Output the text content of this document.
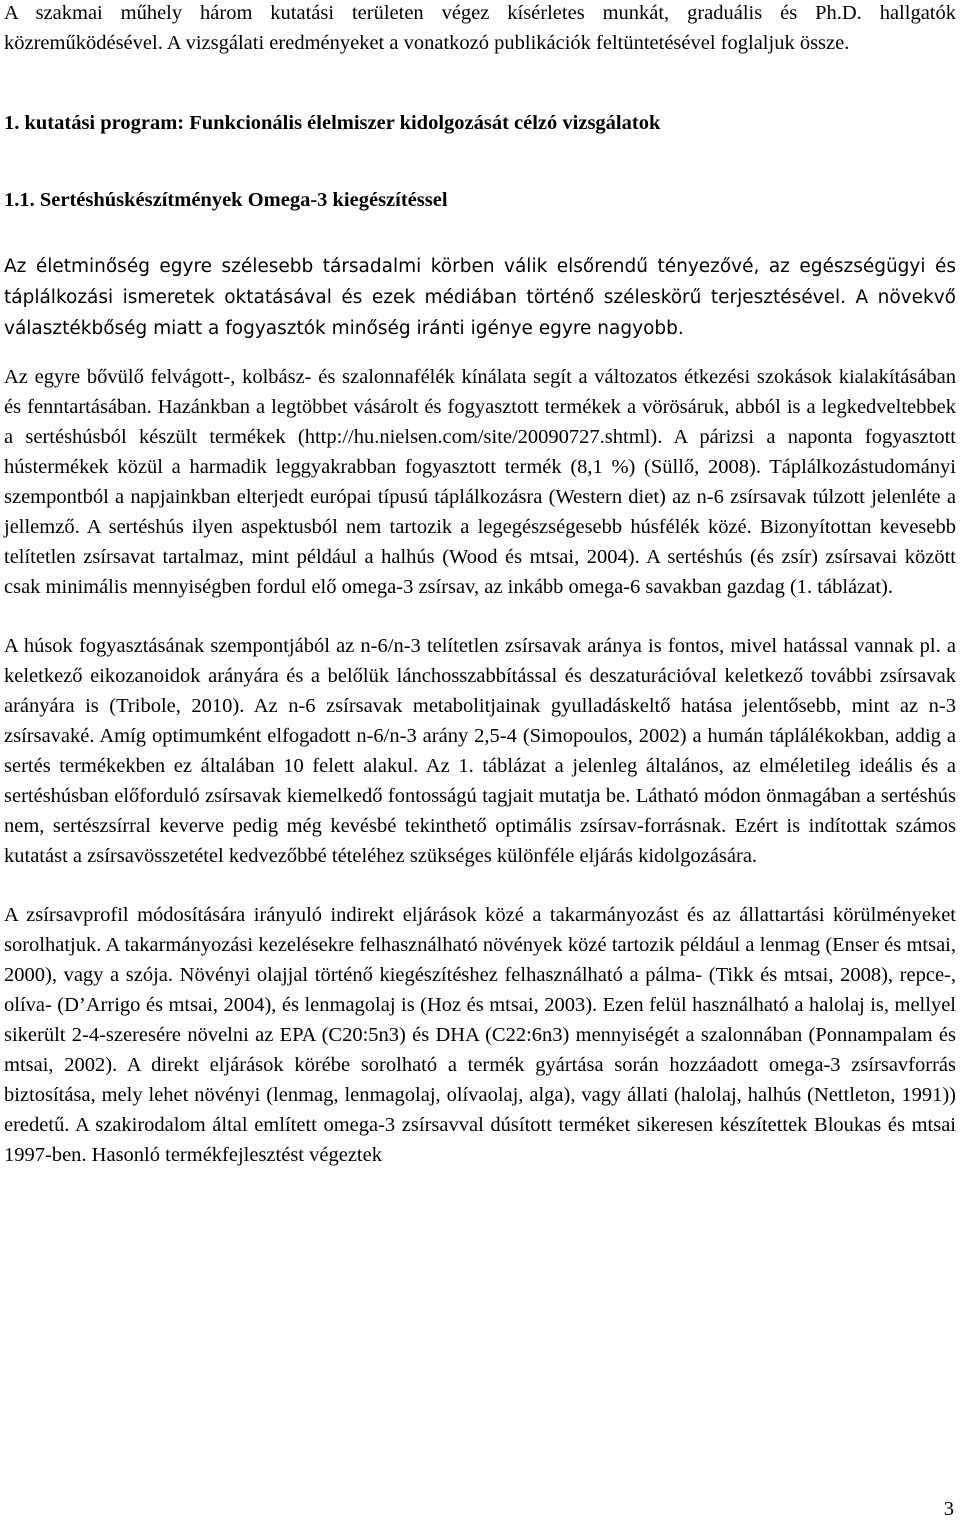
A szakmai műhely három kutatási területen végez kísérletes munkát, graduális és Ph.D. hallgatók közreműködésével. A vizsgálati eredményeket a vonatkozó publikációk feltüntetésével foglaljuk össze.

1. kutatási program: Funkcionális élelmiszer kidolgozását célzó vizsgálatok
1.1. Sertéshúskészítmények Omega-3 kiegészítéssel

Az életminőség egyre szélesebb társadalmi körben válik elsőrendű tényezővé, az egészségügyi és táplálkozási ismeretek oktatásával és ezek médiában történő széleskörű terjesztésével. A növekvő választékbőség miatt a fogyasztók minőség iránti igénye egyre nagyobb.

Az egyre bővülő felvágott-, kolbász- és szalonnafélék kínálata segít a változatos étkezési szokások kialakításában és fenntartásában. Hazánkban a legtöbbet vásárolt és fogyasztott termékek a vörösáruk, abból is a legkedveltebbek a sertéshúsból készült termékek (http://hu.nielsen.com/site/20090727.shtml). A párizsi a naponta fogyasztott hústermékek közül a harmadik leggyakrabban fogyasztott termék (8,1 %) (Süllő, 2008). Táplálkozástudományi szempontból a napjainkban elterjedt európai típusú táplálkozásra (Western diet) az n-6 zsírsavak túlzott jelenléte a jellemző. A sertéshús ilyen aspektusból nem tartozik a legegészségesebb húsfélék közé. Bizonyítottan kevesebb telítetlen zsírsavat tartalmaz, mint például a halhús (Wood és mtsai, 2004). A sertéshús (és zsír) zsírsavai között csak minimális mennyiségben fordul elő omega-3 zsírsav, az inkább omega-6 savakban gazdag (1. táblázat).

A húsok fogyasztásának szempontjából az n-6/n-3 telítetlen zsírsavak aránya is fontos, mivel hatással vannak pl. a keletkező eikozanoidok arányára és a belőlük lánchosszabbítással és deszaturációval keletkező további zsírsavak arányára is (Tribole, 2010). Az n-6 zsírsavak metabolitjainak gyulladáskeltő hatása jelentősebb, mint az n-3 zsírsavaké. Amíg optimumként elfogadott n-6/n-3 arány 2,5-4 (Simopoulos, 2002) a humán táplálékokban, addig a sertés termékekben ez általában 10 felett alakul. Az 1. táblázat a jelenleg általános, az elméletileg ideális és a sertéshúsban előforduló zsírsavak kiemelkedő fontosságú tagjait mutatja be. Látható módon önmagában a sertéshús nem, sertészsírral keverve pedig még kevésbé tekinthető optimális zsírsav-forrásnak. Ezért is indítottak számos kutatást a zsírsavösszetétel kedvezőbbé tételéhez szükséges különféle eljárás kidolgozására.

A zsírsavprofil módosítására irányuló indirekt eljárások közé a takarmányozást és az állattartási körülményeket sorolhatjuk. A takarmányozási kezelésekre felhasználható növények közé tartozik például a lenmag (Enser és mtsai, 2000), vagy a szója. Növényi olajjal történő kiegészítéshez felhasználható a pálma- (Tikk és mtsai, 2008), repce-, olíva- (D’Arrigo és mtsai, 2004), és lenmagolaj is (Hoz és mtsai, 2003). Ezen felül használható a halolaj is, mellyel sikerült 2-4-szeresére növelni az EPA (C20:5n3) és DHA (C22:6n3) mennyiségét a szalonnában (Ponnampalam és mtsai, 2002). A direkt eljárások körébe sorolható a termék gyártása során hozzáadott omega-3 zsírsavforrás biztosítása, mely lehet növényi (lenmag, lenmagolaj, olívaolaj, alga), vagy állati (halolaj, halhús (Nettleton, 1991)) eredetű. A szakirodalom által említett omega-3 zsírsavval dúsított terméket sikeresen készítettek Bloukas és mtsai 1997-ben. Hasonló termékfejlesztést végeztek

3
